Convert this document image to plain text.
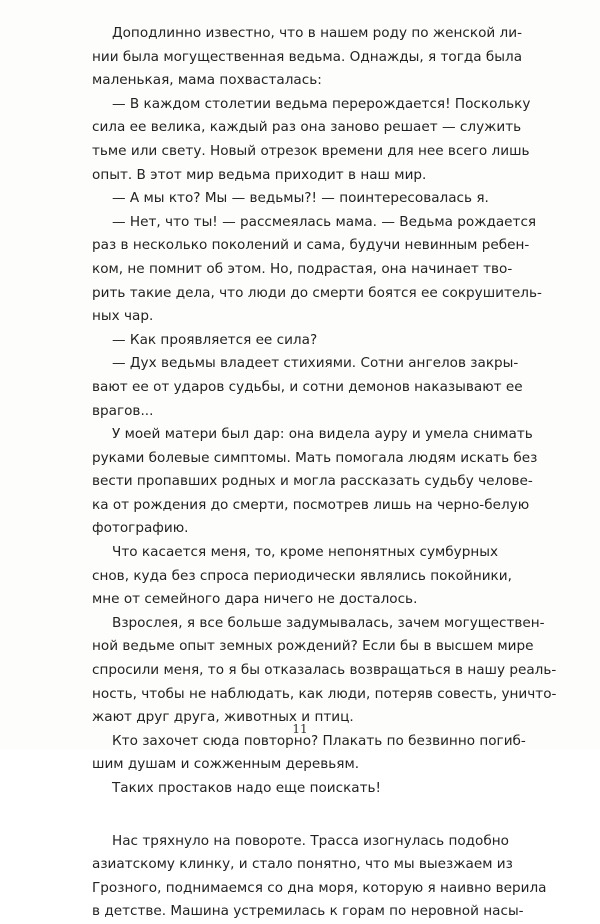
Доподлинно известно, что в нашем роду по женской ли-
нии была могущественная ведьма. Однажды, я тогда была
маленькая, мама похвасталась:
— В каждом столетии ведьма перерождается! Поскольку
сила ее велика, каждый раз она заново решает — служить
тьме или свету. Новый отрезок времени для нее всего лишь
опыт. В этот мир ведьма приходит в наш мир.
— А мы кто? Мы — ведьмы?! — поинтересовалась я.
— Нет, что ты! — рассмеялась мама. — Ведьма рождается
раз в несколько поколений и сама, будучи невинным ребен-
ком, не помнит об этом. Но, подрастая, она начинает тво-
рить такие дела, что люди до смерти боятся ее сокрушитель-
ных чар.
— Как проявляется ее сила?
— Дух ведьмы владеет стихиями. Сотни ангелов закры-
вают ее от ударов судьбы, и сотни демонов наказывают ее
врагов...
У моей матери был дар: она видела ауру и умела снимать
руками болевые симптомы. Мать помогала людям искать без
вести пропавших родных и могла рассказать судьбу челове-
ка от рождения до смерти, посмотрев лишь на черно-белую
фотографию.
Что касается меня, то, кроме непонятных сумбурных
снов, куда без спроса периодически являлись покойники,
мне от семейного дара ничего не досталось.
Взрослея, я все больше задумывалась, зачем могуществен-
ной ведьме опыт земных рождений? Если бы в высшем мире
спросили меня, то я бы отказалась возвращаться в нашу реаль-
ность, чтобы не наблюдать, как люди, потеряв совесть, уничто-
жают друг друга, животных и птиц.
Кто захочет сюда повторно? Плакать по безвинно погиб-
шим душам и сожженным деревьям.
Таких простаков надо еще поискать!
Нас тряхнуло на повороте. Трасса изогнулась подобно
азиатскому клинку, и стало понятно, что мы выезжаем из
Грозного, поднимаемся со дна моря, которую я наивно верила
в детстве. Машина устремилась к горам по неровной насы-
11
